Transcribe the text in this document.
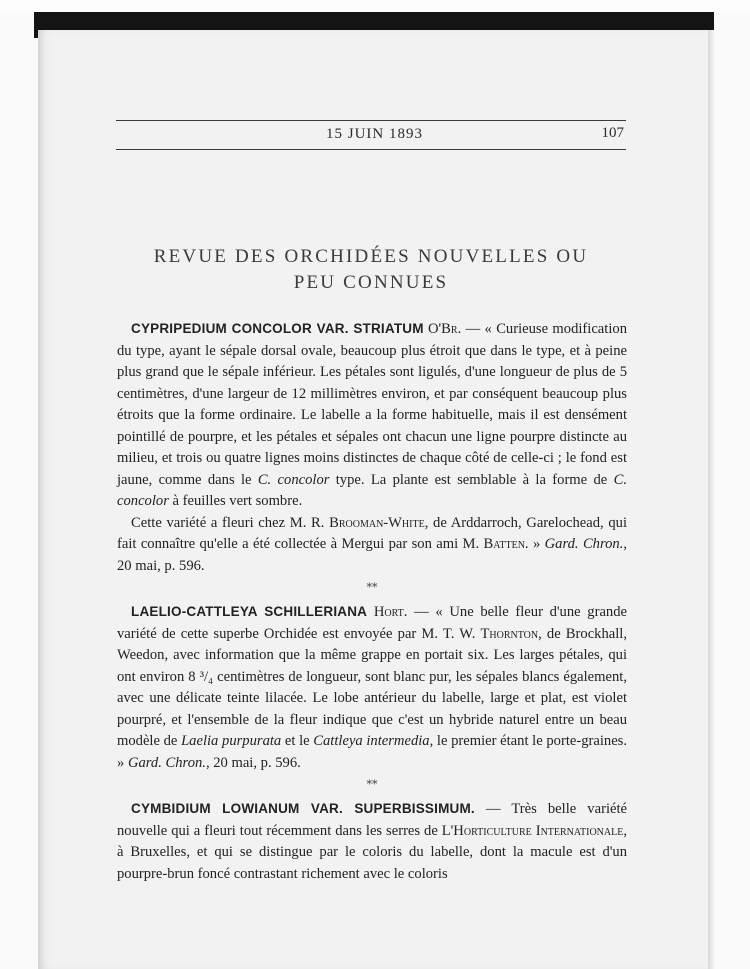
15 JUIN 1893	107
REVUE DES ORCHIDÉES NOUVELLES OU
PEU CONNUES

CYPRIPEDIUM CONCOLOR VAR. STRIATUM O'Br. — « Curieuse modification du type, ayant le sépale dorsal ovale, beaucoup plus étroit que dans le type, et à peine plus grand que le sépale inférieur. Les pétales sont ligulés, d'une longueur de plus de 5 centimètres, d'une largeur de 12 millimètres environ, et par conséquent beaucoup plus étroits que la forme ordinaire. Le labelle a la forme habituelle, mais il est densément pointillé de pourpre, et les pétales et sépales ont chacun une ligne pourpre distincte au milieu, et trois ou quatre lignes moins distinctes de chaque côté de celle-ci ; le fond est jaune, comme dans le C. concolor type. La plante est semblable à la forme de C. concolor à feuilles vert sombre.

Cette variété a fleuri chez M. R. Brooman-White, de Arddarroch, Garelochead, qui fait connaître qu'elle a été collectée à Mergui par son ami M. Batten. » Gard. Chron., 20 mai, p. 596.

⁎⁎

LAELIO-CATTLEYA SCHILLERIANA Hort. — « Une belle fleur d'une grande variété de cette superbe Orchidée est envoyée par M. T. W. Thornton, de Brockhall, Weedon, avec information que la même grappe en portait six. Les larges pétales, qui ont environ 8 ³/₄ centimètres de longueur, sont blanc pur, les sépales blancs également, avec une délicate teinte lilacée. Le lobe antérieur du labelle, large et plat, est violet pourpré, et l'ensemble de la fleur indique que c'est un hybride naturel entre un beau modèle de Laelia purpurata et le Cattleya intermedia, le premier étant le porte-graines. » Gard. Chron., 20 mai, p. 596.

⁎⁎

CYMBIDIUM LOWIANUM VAR. SUPERBISSIMUM. — Très belle variété nouvelle qui a fleuri tout récemment dans les serres de L'Horticulture Internationale, à Bruxelles, et qui se distingue par le coloris du labelle, dont la macule est d'un pourpre-brun foncé contrastant richement avec le coloris
